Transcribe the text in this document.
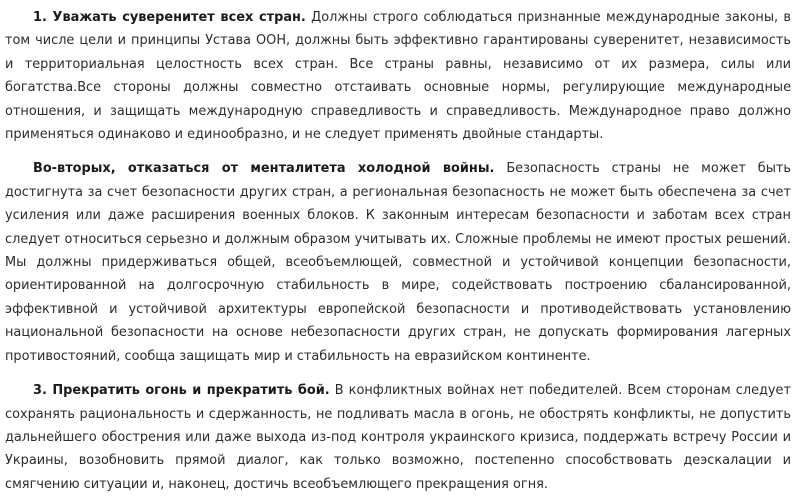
1. Уважать суверенитет всех стран. Должны строго соблюдаться признанные международные законы, в том числе цели и принципы Устава ООН, должны быть эффективно гарантированы суверенитет, независимость и территориальная целостность всех стран. Все страны равны, независимо от их размера, силы или богатства.Все стороны должны совместно отстаивать основные нормы, регулирующие международные отношения, и защищать международную справедливость и справедливость. Международное право должно применяться одинаково и единообразно, и не следует применять двойные стандарты.

Во-вторых, отказаться от менталитета холодной войны. Безопасность страны не может быть достигнута за счет безопасности других стран, а региональная безопасность не может быть обеспечена за счет усиления или даже расширения военных блоков. К законным интересам безопасности и заботам всех стран следует относиться серьезно и должным образом учитывать их. Сложные проблемы не имеют простых решений. Мы должны придерживаться общей, всеобъемлющей, совместной и устойчивой концепции безопасности, ориентированной на долгосрочную стабильность в мире, содействовать построению сбалансированной, эффективной и устойчивой архитектуры европейской безопасности и противодействовать установлению национальной безопасности на основе небезопасности других стран, не допускать формирования лагерных противостояний, сообща защищать мир и стабильность на евразийском континенте.

3. Прекратить огонь и прекратить бой. В конфликтных войнах нет победителей. Всем сторонам следует сохранять рациональность и сдержанность, не подливать масла в огонь, не обострять конфликты, не допустить дальнейшего обострения или даже выхода из-под контроля украинского кризиса, поддержать встречу России и Украины, возобновить прямой диалог, как только возможно, постепенно способствовать деэскалации и смягчению ситуации и, наконец, достичь всеобъемлющего прекращения огня.
